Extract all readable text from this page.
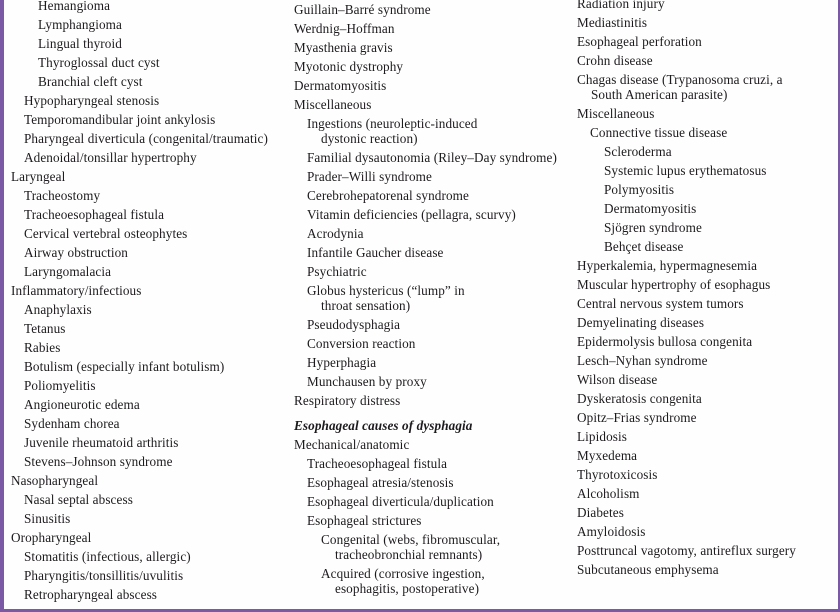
Hemangioma
Lymphangioma
Lingual thyroid
Thyroglossal duct cyst
Branchial cleft cyst
Hypopharyngeal stenosis
Temporomandibular joint ankylosis
Pharyngeal diverticula (congenital/traumatic)
Adenoidal/tonsillar hypertrophy
Laryngeal
Tracheostomy
Tracheoesophageal fistula
Cervical vertebral osteophytes
Airway obstruction
Laryngomalacia
Inflammatory/infectious
Anaphylaxis
Tetanus
Rabies
Botulism (especially infant botulism)
Poliomyelitis
Angioneurotic edema
Sydenham chorea
Juvenile rheumatoid arthritis
Stevens–Johnson syndrome
Nasopharyngeal
Nasal septal abscess
Sinusitis
Oropharyngeal
Stomatitis (infectious, allergic)
Pharyngitis/tonsillitis/uvulitis
Retropharyngeal abscess
Guillain–Barré syndrome
Werdnig–Hoffman
Myasthenia gravis
Myotonic dystrophy
Dermatomyositis
Miscellaneous
Ingestions (neuroleptic-induced
dystonic reaction)
Familial dysautonomia (Riley–Day syndrome)
Prader–Willi syndrome
Cerebrohepatorenal syndrome
Vitamin deficiencies (pellagra, scurvy)
Acrodynia
Infantile Gaucher disease
Psychiatric
Globus hystericus (“lump” in
throat sensation)
Pseudodysphagia
Conversion reaction
Hyperphagia
Munchausen by proxy
Respiratory distress
Esophageal causes of dysphagia
Mechanical/anatomic
Tracheoesophageal fistula
Esophageal atresia/stenosis
Esophageal diverticula/duplication
Esophageal strictures
Congenital (webs, fibromuscular,
tracheobronchial remnants)
Acquired (corrosive ingestion,
esophagitis, postoperative)
Radiation injury
Mediastinitis
Esophageal perforation
Crohn disease
Chagas disease (Trypanosoma cruzi, a
South American parasite)
Miscellaneous
Connective tissue disease
Scleroderma
Systemic lupus erythematosus
Polymyositis
Dermatomyositis
Sjögren syndrome
Behçet disease
Hyperkalemia, hypermagnesemia
Muscular hypertrophy of esophagus
Central nervous system tumors
Demyelinating diseases
Epidermolysis bullosa congenita
Lesch–Nyhan syndrome
Wilson disease
Dyskeratosis congenita
Opitz–Frias syndrome
Lipidosis
Myxedema
Thyrotoxicosis
Alcoholism
Diabetes
Amyloidosis
Posttruncal vagotomy, antireflux surgery
Subcutaneous emphysema
